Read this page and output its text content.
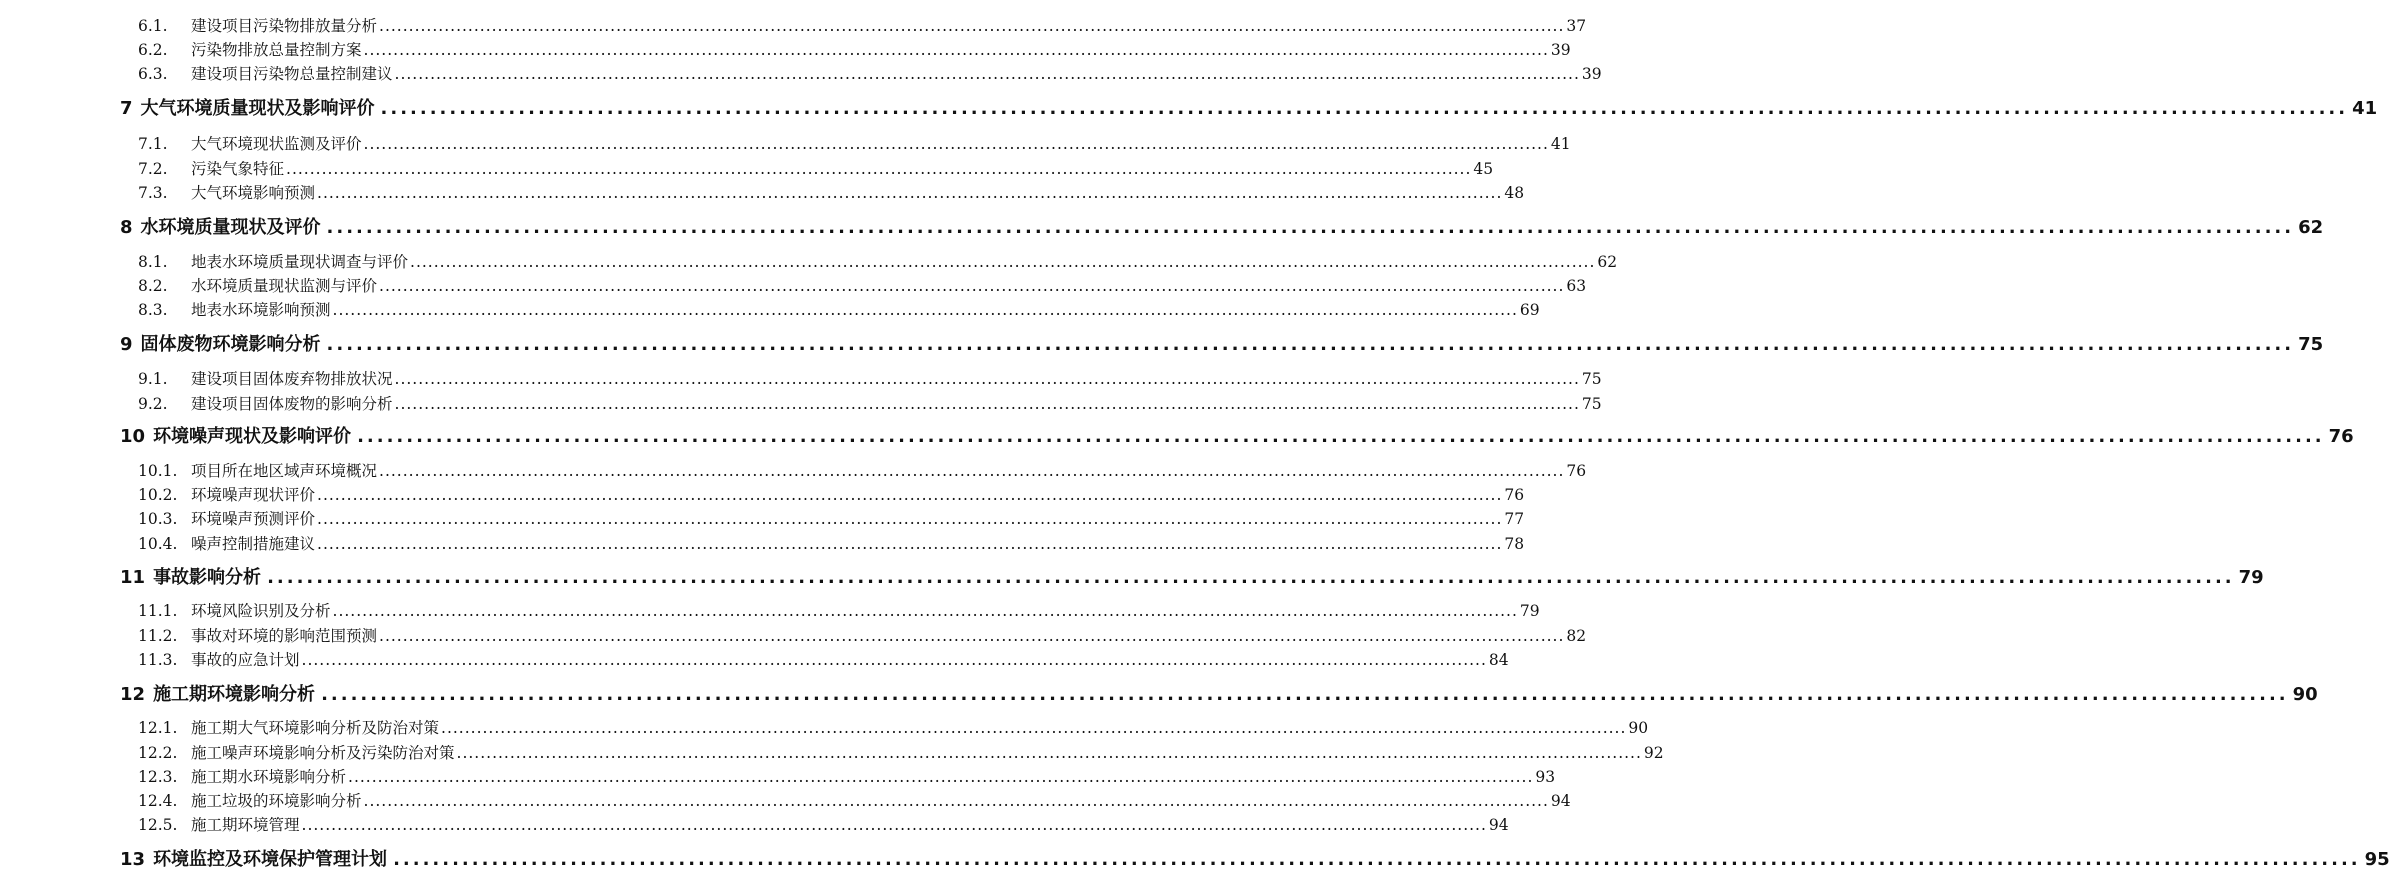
6.1.	建设项目污染物排放量分析 ........................................................................................................................................................................................................ 37
6.2.	污染物排放总量控制方案 ........................................................................................................................................................................................................ 39
6.3.	建设项目污染物总量控制建议 ........................................................................................................................................................................................................ 39
7 大气环境质量现状及影响评价 ........................................................................................................................................................................................................ 41
7.1.	大气环境现状监测及评价 ........................................................................................................................................................................................................ 41
7.2.	污染气象特征 ........................................................................................................................................................................................................ 45
7.3.	大气环境影响预测 ........................................................................................................................................................................................................ 48
8 水环境质量现状及评价 ........................................................................................................................................................................................................ 62
8.1.	地表水环境质量现状调查与评价 ........................................................................................................................................................................................................ 62
8.2.	水环境质量现状监测与评价 ........................................................................................................................................................................................................ 63
8.3.	地表水环境影响预测 ........................................................................................................................................................................................................ 69
9 固体废物环境影响分析 ........................................................................................................................................................................................................ 75
9.1.	建设项目固体废弃物排放状况 ........................................................................................................................................................................................................ 75
9.2.	建设项目固体废物的影响分析 ........................................................................................................................................................................................................ 75
10 环境噪声现状及影响评价 ........................................................................................................................................................................................................ 76
10.1. 项目所在地区域声环境概况 ........................................................................................................................................................................................................ 76
10.2. 环境噪声现状评价 ........................................................................................................................................................................................................ 76
10.3. 环境噪声预测评价 ........................................................................................................................................................................................................ 77
10.4. 噪声控制措施建议 ........................................................................................................................................................................................................ 78
11 事故影响分析 ........................................................................................................................................................................................................ 79
11.1. 环境风险识别及分析 ........................................................................................................................................................................................................ 79
11.2. 事故对环境的影响范围预测 ........................................................................................................................................................................................................ 82
11.3. 事故的应急计划 ........................................................................................................................................................................................................ 84
12 施工期环境影响分析 ........................................................................................................................................................................................................ 90
12.1. 施工期大气环境影响分析及防治对策 ........................................................................................................................................................................................................ 90
12.2. 施工噪声环境影响分析及污染防治对策 ........................................................................................................................................................................................................ 92
12.3. 施工期水环境影响分析 ........................................................................................................................................................................................................ 93
12.4. 施工垃圾的环境影响分析 ........................................................................................................................................................................................................ 94
12.5. 施工期环境管理 ........................................................................................................................................................................................................ 94
13 环境监控及环境保护管理计划 ........................................................................................................................................................................................................ 95
